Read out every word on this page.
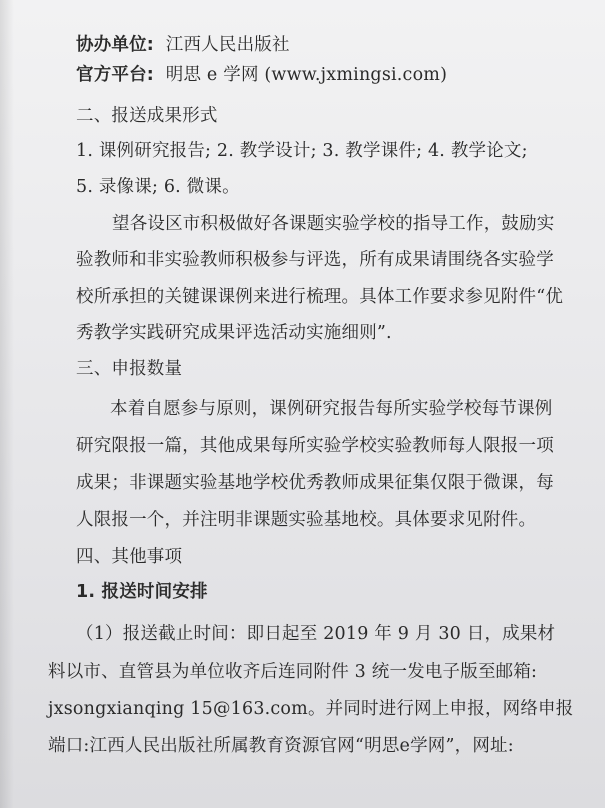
协办单位: 江西人民出版社
官方平台: 明思 e 学网 (www.jxmingsi.com)
二、报送成果形式
1. 课例研究报告; 2. 教学设计; 3. 教学课件; 4. 教学论文;
5. 录像课; 6. 微课。
望各设区市积极做好各课题实验学校的指导工作，鼓励实
验教师和非实验教师积极参与评选，所有成果请围绕各实验学
校所承担的关键课课例来进行梳理。具体工作要求参见附件“优
秀教学实践研究成果评选活动实施细则”.
三、申报数量
本着自愿参与原则，课例研究报告每所实验学校每节课例
研究限报一篇，其他成果每所实验学校实验教师每人限报一项
成果；非课题实验基地学校优秀教师成果征集仅限于微课，每
人限报一个，并注明非课题实验基地校。具体要求见附件。
四、其他事项
1. 报送时间安排
（1）报送截止时间：即日起至 2019 年 9 月 30 日，成果材
料以市、直管县为单位收齐后连同附件 3 统一发电子版至邮箱:
jxsongxianqing 15@163.com。并同时进行网上申报，网络申报
端口:江西人民出版社所属教育资源官网“明思e学网”，网址:
